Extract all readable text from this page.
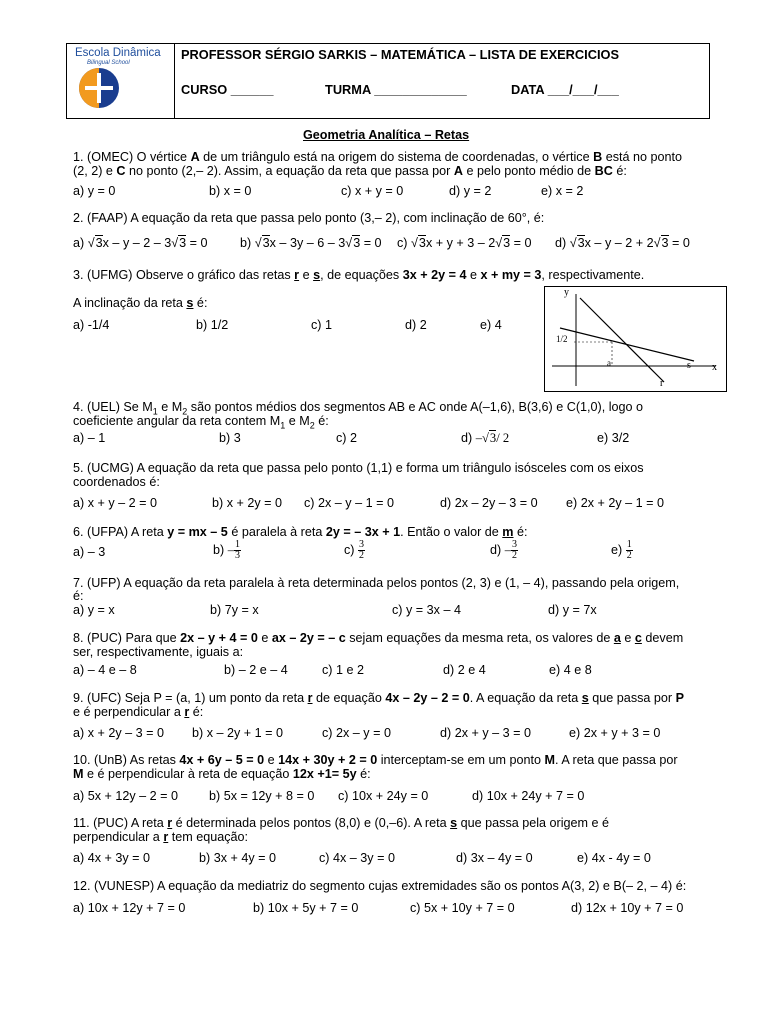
Escola Dinâmica
Bilingual School
PROFESSOR SÉRGIO SARKIS – MATEMÁTICA – LISTA DE EXERCICIOS
CURSO ______	TURMA _____________	DATA ___/___/___
Geometria Analítica – Retas
1. (OMEC) O vértice A de um triângulo está na origem do sistema de coordenadas, o vértice B está no ponto
(2, 2) e C no ponto (2,– 2). Assim, a equação da reta que passa por A e pelo ponto médio de BC é:
a) y = 0	b) x = 0	c) x + y = 0	d) y = 2	e) x = 2
2. (FAAP) A equação da reta que passa pelo ponto (3,– 2), com inclinação de 60°, é:
a) √3x – y – 2 – 3√3 = 0	b) √3x – 3y – 6 – 3√3 = 0 c) √3x + y + 3 – 2√3 = 0 d) √3x – y – 2 + 2√3 = 0
3. (UFMG) Observe o gráfico das retas r e s, de equações 3x + 2y = 4 e x + my = 3, respectivamente.
A inclinação da reta s é:
a) -1/4	b) 1/2	c) 1	d) 2	e) 4
y
x
1/2
a	s
r
4. (UEL) Se $M_1$ e $M_2$ são pontos médios dos segmentos AB e AC onde A(–1,6), B(3,6) e C(1,0), logo o
coeficiente angular da reta contem $M_1$ e $M_2$ é:
a) – 1	b) 3	c) 2	d) –√3/ 2	e) 3/2
5. (UCMG) A equação da reta que passa pelo ponto (1,1) e forma um triângulo isósceles com os eixos
coordenados é:
a) x + y – 2 = 0	b) x + 2y = 0 c) 2x – y – 1 = 0	d) 2x – 2y – 3 = 0 e) 2x + 2y – 1 = 0
6. (UFPA) A reta y = mx – 5 é paralela à reta 2y = – 3x + 1. Então o valor de m é:
a) – 3	$b) - \frac{1}{3}$	$c) \frac{3}{2}$	$d) - \frac{3}{2}$	$e) \frac{1}{2}$
7. (UFP) A equação da reta paralela à reta determinada pelos pontos (2, 3) e (1, – 4), passando pela origem,
é:
a) y = x	b) 7y = x	c) y = 3x – 4	d) y = 7x
8. (PUC) Para que 2x – y + 4 = 0 e ax – 2y = – c sejam equações da mesma reta, os valores de a e c devem
ser, respectivamente, iguais a:
a) – 4 e – 8	b) – 2 e – 4	c) 1 e 2	d) 2 e 4	e) 4 e 8
9. (UFC) Seja P = (a, 1) um ponto da reta r de equação 4x – 2y – 2 = 0. A equação da reta s que passa por P
e é perpendicular a r é:
a) x + 2y – 3 = 0 b) x – 2y + 1 = 0	c) 2x – y = 0	d) 2x + y – 3 = 0	e) 2x + y + 3 = 0
10. (UnB) As retas 4x + 6y – 5 = 0 e 14x + 30y + 2 = 0 interceptam-se em um ponto M. A reta que passa por
M e é perpendicular à reta de equação 12x +1= 5y é:
a) 5x + 12y – 2 = 0 b) 5x = 12y + 8 = 0 c) 10x + 24y = 0	d) 10x + 24y + 7 = 0
11. (PUC) A reta r é determinada pelos pontos (8,0) e (0,–6). A reta s que passa pela origem e é
perpendicular a r tem equação:
a) 4x + 3y = 0	b) 3x + 4y = 0	c) 4x – 3y = 0	d) 3x – 4y = 0	e) 4x - 4y = 0
12. (VUNESP) A equação da mediatriz do segmento cujas extremidades são os pontos A(3, 2) e B(– 2, – 4) é:
a) 10x + 12y + 7 = 0	b) 10x + 5y + 7 = 0	c) 5x + 10y + 7 = 0	d) 12x + 10y + 7 = 0
